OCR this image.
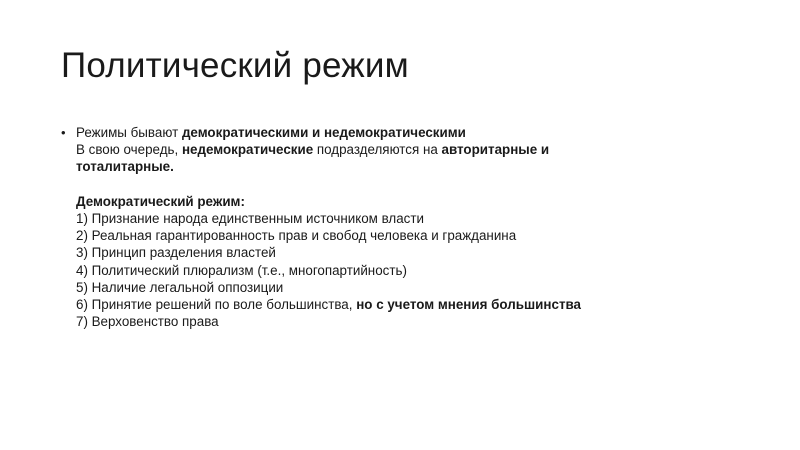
Политический режим
• Режимы бывают демократическими и недемократическими
В свою очередь, недемократические подразделяются на авторитарные и
тоталитарные.
Демократический режим:
1) Признание народа единственным источником власти
2) Реальная гарантированность прав и свобод человека и гражданина
3) Принцип разделения властей
4) Политический плюрализм (т.е., многопартийность)
5) Наличие легальной оппозиции
6) Принятие решений по воле большинства, но с учетом мнения большинства
7) Верховенство права
